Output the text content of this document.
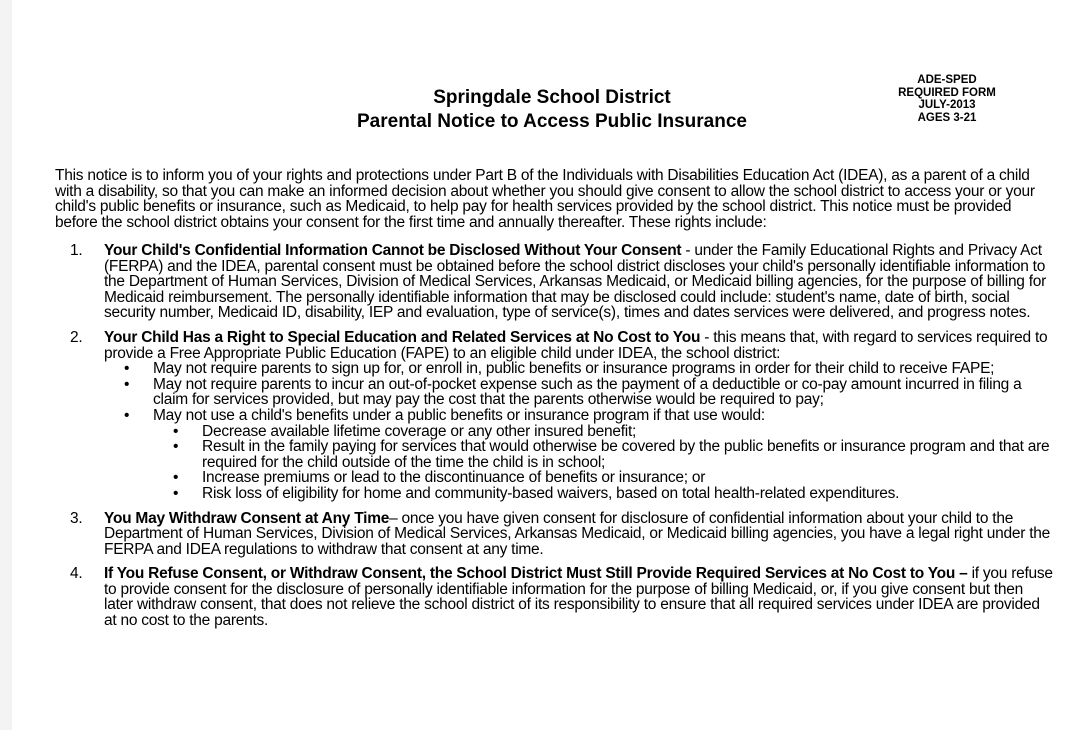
Springdale School District
Parental Notice to Access Public Insurance
ADE-SPED
REQUIRED FORM
JULY-2013
AGES 3-21
This notice is to inform you of your rights and protections under Part B of the Individuals with Disabilities Education Act (IDEA), as a parent of a child with a disability, so that you can make an informed decision about whether you should give consent to allow the school district to access your or your child's public benefits or insurance, such as Medicaid, to help pay for health services provided by the school district. This notice must be provided before the school district obtains your consent for the first time and annually thereafter. These rights include:
1. Your Child's Confidential Information Cannot be Disclosed Without Your Consent - under the Family Educational Rights and Privacy Act (FERPA) and the IDEA, parental consent must be obtained before the school district discloses your child's personally identifiable information to the Department of Human Services, Division of Medical Services, Arkansas Medicaid, or Medicaid billing agencies, for the purpose of billing for Medicaid reimbursement. The personally identifiable information that may be disclosed could include: student's name, date of birth, social security number, Medicaid ID, disability, IEP and evaluation, type of service(s), times and dates services were delivered, and progress notes.
2. Your Child Has a Right to Special Education and Related Services at No Cost to You - this means that, with regard to services required to provide a Free Appropriate Public Education (FAPE) to an eligible child under IDEA, the school district:
• May not require parents to sign up for, or enroll in, public benefits or insurance programs in order for their child to receive FAPE;
• May not require parents to incur an out-of-pocket expense such as the payment of a deductible or co-pay amount incurred in filing a claim for services provided, but may pay the cost that the parents otherwise would be required to pay;
• May not use a child's benefits under a public benefits or insurance program if that use would:
• Decrease available lifetime coverage or any other insured benefit;
• Result in the family paying for services that would otherwise be covered by the public benefits or insurance program and that are required for the child outside of the time the child is in school;
• Increase premiums or lead to the discontinuance of benefits or insurance; or
• Risk loss of eligibility for home and community-based waivers, based on total health-related expenditures.
3. You May Withdraw Consent at Any Time– once you have given consent for disclosure of confidential information about your child to the Department of Human Services, Division of Medical Services, Arkansas Medicaid, or Medicaid billing agencies, you have a legal right under the FERPA and IDEA regulations to withdraw that consent at any time.
4. If You Refuse Consent, or Withdraw Consent, the School District Must Still Provide Required Services at No Cost to You – if you refuse to provide consent for the disclosure of personally identifiable information for the purpose of billing Medicaid, or, if you give consent but then later withdraw consent, that does not relieve the school district of its responsibility to ensure that all required services under IDEA are provided at no cost to the parents.
